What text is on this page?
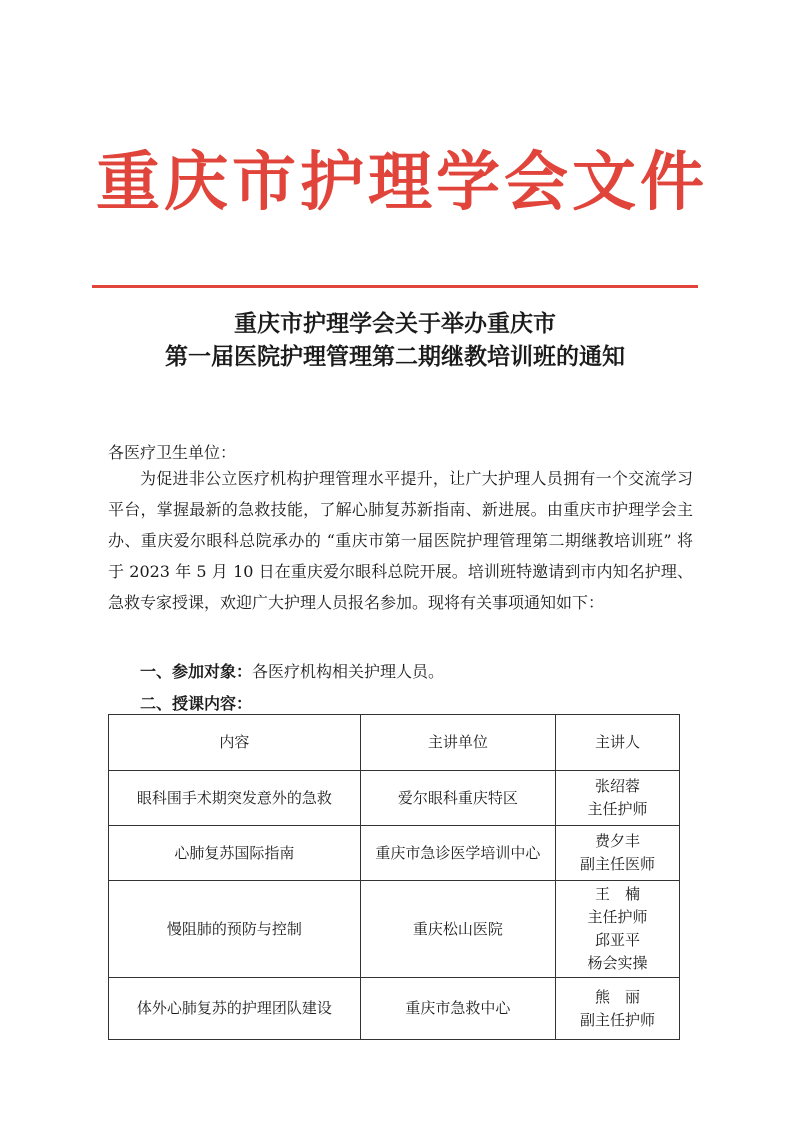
重庆市护理学会文件
重庆市护理学会关于举办重庆市
第一届医院护理管理第二期继教培训班的通知
各医疗卫生单位：

为促进非公立医疗机构护理管理水平提升，让广大护理人员拥有一个交流学习平台，掌握最新的急救技能，了解心肺复苏新指南、新进展。由重庆市护理学会主办、重庆爱尔眼科总院承办的 “重庆市第一届医院护理管理第二期继教培训班” 将于 2023 年 5 月 10 日在重庆爱尔眼科总院开展。培训班特邀请到市内知名护理、急救专家授课，欢迎广大护理人员报名参加。现将有关事项通知如下：

一、参加对象：各医疗机构相关护理人员。
二、授课内容：
内容	主讲单位	主讲人
眼科围手术期突发意外的急救	爱尔眼科重庆特区	张绍蓉
主任护师

心肺复苏国际指南	重庆市急诊医学培训中心	费夕丰
副主任医师

慢阻肺的预防与控制	重庆松山医院	王　楠
主任护师
邱亚平
杨会实操

体外心肺复苏的护理团队建设	重庆市急救中心	熊　丽
副主任护师
